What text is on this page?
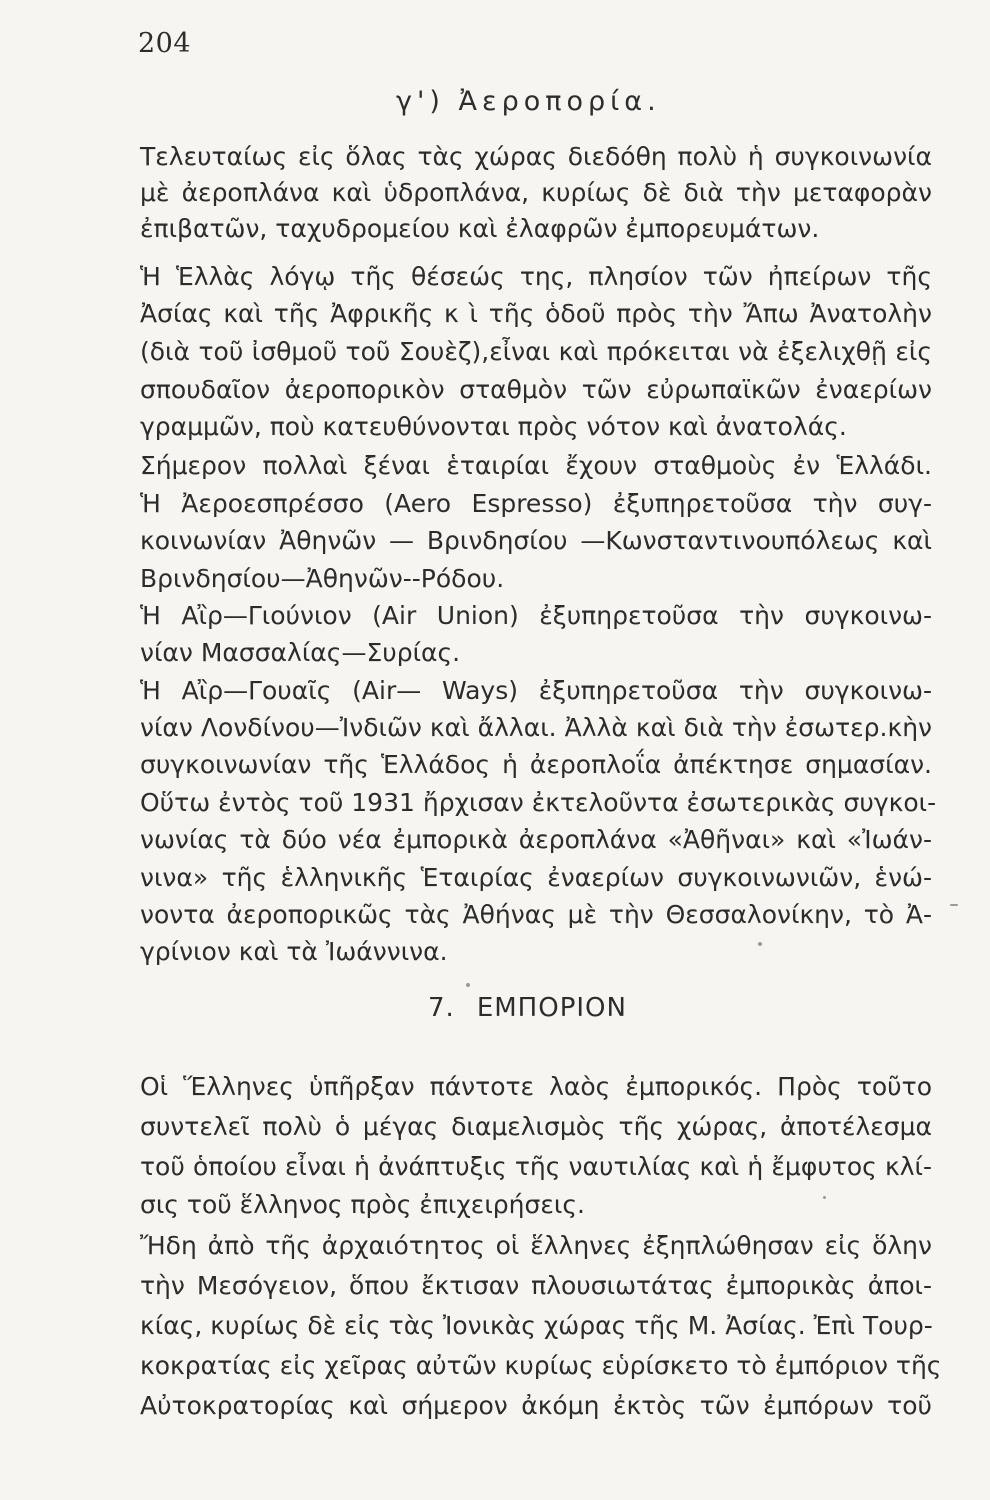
204
γ') Ἀεροπορία.
Τελευταίως εἰς ὅλας τὰς χώρας διεδόθη πολὺ ἡ συγκοινωνία
μὲ ἀεροπλάνα καὶ ὑδροπλάνα, κυρίως δὲ διὰ τὴν μεταφορὰν
ἐπιβατῶν, ταχυδρομείου καὶ ἐλαφρῶν ἐμπορευμάτων.
Ἡ Ἑλλὰς λόγῳ τῆς θέσεώς της, πλησίον τῶν ἠπείρων τῆς
Ἀσίας καὶ τῆς Ἀφρικῆς κ ὶ τῆς ὁδοῦ πρὸς τὴν Ἄπω Ἀνατολὴν
(διὰ τοῦ ἰσθμοῦ τοῦ Σουὲζ),εἶναι καὶ πρόκειται νὰ ἐξελιχθῇ εἰς
σπουδαῖον ἀεροπορικὸν σταθμὸν τῶν εὐρωπαϊκῶν ἐναερίων
γραμμῶν, ποὺ κατευθύνονται πρὸς νότον καὶ ἀνατολάς.
Σήμερον πολλαὶ ξέναι ἑταιρίαι ἔχουν σταθμοὺς ἐν Ἑλλάδι.
Ἡ Ἀεροεσπρέσσο (Aero Espresso) ἐξυπηρετοῦσα τὴν συγ-
κοινωνίαν Ἀθηνῶν — Βρινδησίου —Κωνσταντινουπόλεως καὶ
Βρινδησίου—Ἀθηνῶν--Ρόδου.
Ἡ Αἲρ—Γιούνιον (Air Union) ἐξυπηρετοῦσα τὴν συγκοινω-
νίαν Μασσαλίας—Συρίας.
Ἡ Αἲρ—Γουαῖς (Air— Ways) ἐξυπηρετοῦσα τὴν συγκοινω-
νίαν Λονδίνου—Ἰνδιῶν καὶ ἄλλαι. Ἀλλὰ καὶ διὰ τὴν ἐσωτερ.κὴν
συγκοινωνίαν τῆς Ἑλλάδος ἡ ἀεροπλοΐα ἀπέκτησε σημασίαν.
Οὕτω ἐντὸς τοῦ 1931 ἤρχισαν ἐκτελοῦντα ἐσωτερικὰς συγκοι-
νωνίας τὰ δύο νέα ἐμπορικὰ ἀεροπλάνα «Ἀθῆναι» καὶ «Ἰωάν-
νινα» τῆς ἑλληνικῆς Ἑταιρίας ἐναερίων συγκοινωνιῶν, ἑνώ-
νοντα ἀεροπορικῶς τὰς Ἀθήνας μὲ τὴν Θεσσαλονίκην, τὸ Ἀ-
γρίνιον καὶ τὰ Ἰωάννινα.
7. ΕΜΠΟΡΙΟΝ
Οἱ Ἕλληνες ὑπῆρξαν πάντοτε λαὸς ἐμπορικός. Πρὸς τοῦτο
συντελεῖ πολὺ ὁ μέγας διαμελισμὸς τῆς χώρας, ἀποτέλεσμα
τοῦ ὁποίου εἶναι ἡ ἀνάπτυξις τῆς ναυτιλίας καὶ ἡ ἔμφυτος κλί-
σις τοῦ ἕλληνος πρὸς ἐπιχειρήσεις.
Ἤδη ἀπὸ τῆς ἀρχαιότητος οἱ ἕλληνες ἐξηπλώθησαν εἰς ὅλην
τὴν Μεσόγειον, ὅπου ἔκτισαν πλουσιωτάτας ἐμπορικὰς ἀποι-
κίας, κυρίως δὲ εἰς τὰς Ἰονικὰς χώρας τῆς Μ. Ἀσίας. Ἐπὶ Τουρ-
κοκρατίας εἰς χεῖρας αὐτῶν κυρίως εὑρίσκετο τὸ ἐμπόριον τῆς
Αὐτοκρατορίας καὶ σήμερον ἀκόμη ἐκτὸς τῶν ἐμπόρων τοῦ
